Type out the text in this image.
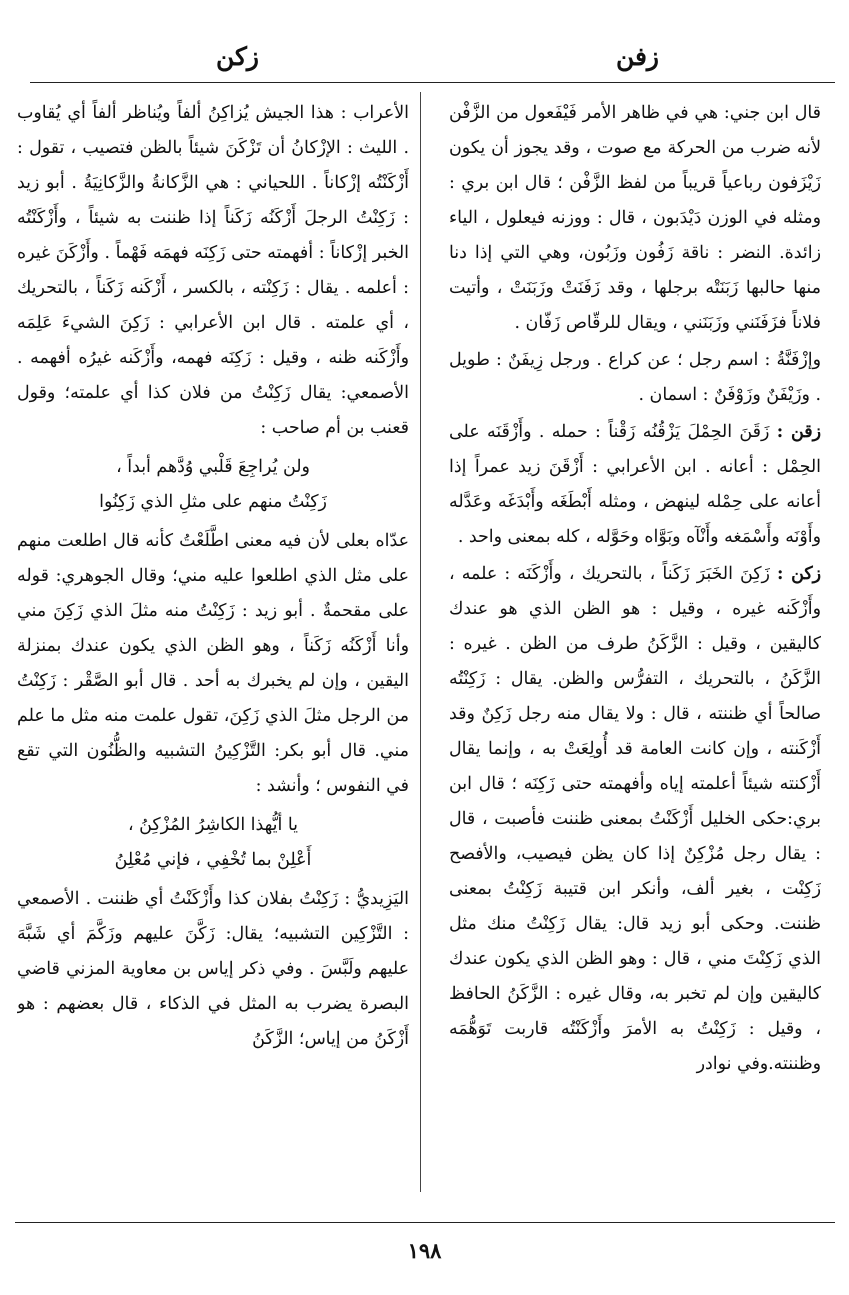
زفن
زكن

قال ابن جني: هي في ظاهر الأمر فَيْفَعول من الزَّفْن لأنه ضرب من الحركة مع صوت ، وقد يجوز أن يكون زَيْزَفون رباعياً قريباً من لفظ الزَّفْن ؛ قال ابن بري : ومثله في الوزن دَيْدَبون ، قال : ووزنه فيعلول ، الياء زائدة. النضر : ناقة زَفُون وزَبُون، وهي التي إذا دنا منها حالبها زَبَنَتْه برجلها ، وقد زَفَنَتْ وزَبَنَتْ ، وأتيت فلاناً فزَفَنَني وزَبَنَني ، ويقال للرقّاص زَفّان .

وإزْفَنَّةُ : اسم رجل ؛ عن كراع . ورجل زِيفَنٌ : طويل . وزَيْفَنٌ وزَوْفَنٌ : اسمان .

زقن : زَقَنَ الحِمْلَ يَزْقُنُه زَقْناً : حمله . وأَزْقَنَه على الحِمْل : أعانه . ابن الأعرابي : أَزْقَنَ زيد عمراً إذا أعانه على حِمْله لينهض ، ومثله أَبْطَغَه وأَبْدَغَه وعَدَّله وأَوْنَه وأَسْمَغه وأَنْآه وبَوَّاه وحَوَّله ، كله بمعنى واحد .

زكن : زَكِنَ الخَبَرَ زَكَناً ، بالتحريك ، وأَزْكَنَه : علمه ، وأَزْكَنه غيره ، وقيل : هو الظن الذي هو عندك كاليقين ، وقيل : الزَّكَنُ طرف من الظن . غيره : الزَّكَنُ ، بالتحريك ، التفرُّس والظن. يقال : زَكِنْتُه صالحاً أي ظننته ، قال : ولا يقال منه رجل زَكِنٌ وقد أَزْكَنته ، وإن كانت العامة قد أُولِعَتْ به ، وإنما يقال أَزْكنته شيئاً أعلمته إياه وأفهمته حتى زَكِنَه ؛ قال ابن بري:حكى الخليل أَزْكَنْتُ بمعنى ظننت فأصبت ، قال : يقال رجل مُزْكِنٌ إذا كان يظن فيصيب، والأفصح زَكِنْت ، بغير ألف، وأنكر ابن قتيبة زَكِنْتُ بمعنى ظننت. وحكى أبو زيد قال: يقال زَكِنْتُ منك مثل الذي زَكِنْتَ مني ، قال : وهو الظن الذي يكون عندك كاليقين وإن لم تخبر به، وقال غيره : الزَّكَنُ الحافظ ، وقيل : زَكِنْتُ به الأمرَ وأَزْكَنْتُه قاربت تَوَهُّمَه وظننته.وفي نوادر

الأعراب : هذا الجيش يُزاكِنُ ألفاً ويُناظر ألفاً أي يُقاوب . الليث : الإزْكانُ أن تَزْكَنَ شيئاً بالظن فتصيب ، تقول : أَزْكَنْتُه إزْكاناً . اللحياني : هي الزَّكانةُ والزَّكانِيَةُ . أبو زيد : زَكِنْتُ الرجلَ أَزْكَنُه زَكَناً إذا ظننت به شيئاً ، وأَزْكَنْتُه الخبر إزْكاناً : أفهمته حتى زَكِنَه فهمَه فَهْماً . وأَزْكَنَ غيره : أعلمه . يقال : زَكِنْته ، بالكسر ، أَزْكَنه زَكَناً ، بالتحريك ، أي علمته . قال ابن الأعرابي : زَكِنَ الشيءَ عَلِمَه وأَزْكَنه ظنه ، وقيل : زَكِنَه فهمه، وأَزْكَنه غيرُه أفهمه . الأصمعي: يقال زَكِنْتُ من فلان كذا أي علمته؛ وقول قعنب بن أم صاحب :

ولن يُراجِعَ قَلْبي وُدَّهم أبداً ،
زَكِنْتُ منهم على مثلِ الذي زَكِنُوا

عدّاه بعلى لأن فيه معنى اطَّلَعْتُ كأنه قال اطلعت منهم على مثل الذي اطلعوا عليه مني؛ وقال الجوهري: قوله على مقحمةٌ . أبو زيد : زَكِنْتُ منه مثلَ الذي زَكِنَ مني وأنا أَزْكَنُه زَكَناً ، وهو الظن الذي يكون عندك بمنزلة اليقين ، وإن لم يخبرك به أحد . قال أبو الصَّقْر : زَكِنْتُ من الرجل مثلَ الذي زَكِنَ، تقول علمت منه مثل ما علم مني. قال أبو بكر: التَّزْكِينُ التشبيه والظُّنُون التي تقع في النفوس ؛ وأنشد :

يا أيُّهذا الكاشِرُ المُزْكِنُ ،
أَعْلِنْ بما تُخْفِي ، فإني مُعْلِنُ

اليَزِيديُّ : زَكِنْتُ بفلان كذا وأَزْكَنْتُ أي ظننت . الأصمعي : التَّزْكِين التشبيه؛ يقال: زَكَّنَ عليهم وزَكَّمَ أي شَبَّهَ عليهم ولَبَّسَ . وفي ذكر إياس بن معاوية المزني قاضي البصرة يضرب به المثل في الذكاء ، قال بعضهم : هو أَزْكَنُ من إياس؛ الزَّكَنُ

١٩٨
